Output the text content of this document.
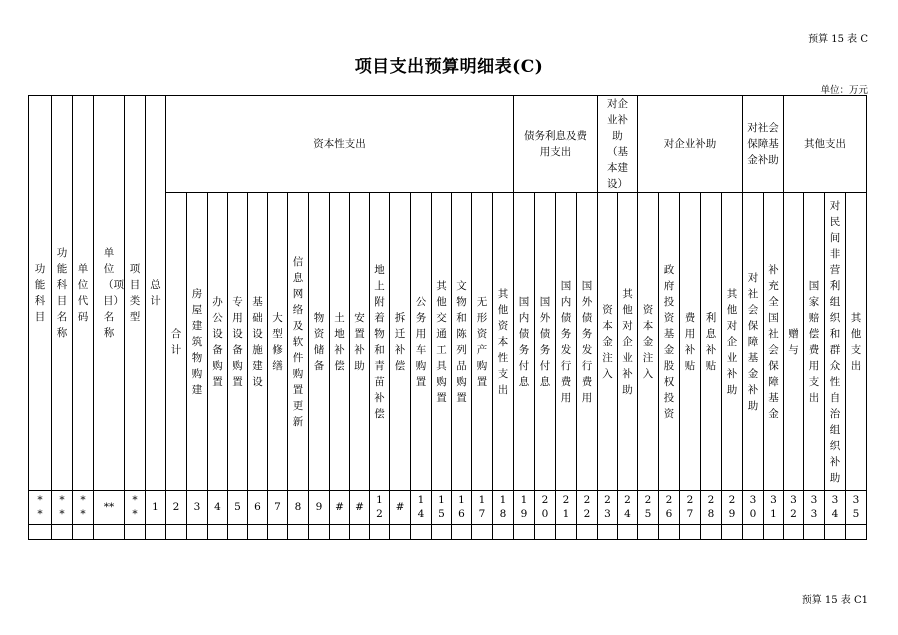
预算 15 表 C
项目支出预算明细表(C)
单位：万元
功能科目	功能科目名称	单位代码	单位（项目）名称	项目类型	总计	资本性支出																	债务利息及费用支出				对企业补助（基本建设）		对企业补助					对社会保障基金补助		其他支出			
						合计	房屋建筑物购建	办公设备购置	专用设备购置	基础设施建设	大型修缮	信息网络及软件购置更新	物资储备	土地补偿	安置补助	地上附着物和青苗补偿	拆迁补偿	公务用车购置	其他交通工具购置	文物和陈列品购置	无形资产购置	其他资本性支出	国内债务付息	国外债务付息	国内债务发行费用	国外债务发行费用	资本金注入	其他对企业补助	资本金注入	政府投资基金股权投资	费用补贴	利息补贴	其他对企业补助	对社会保障基金补助	补充全国社会保障基金	赠与	国家赔偿费用支出	对民间非营利组织和群众性自治组织补助	其他支出
**	**	**	**	**	1	2	3	4	5	6	7	8	9	#	#	12	#	14	15	16	17	18	19	20	21	22	23	24	25	26	27	28	29	30	31	32	33	34	35

预算 15 表 C1
